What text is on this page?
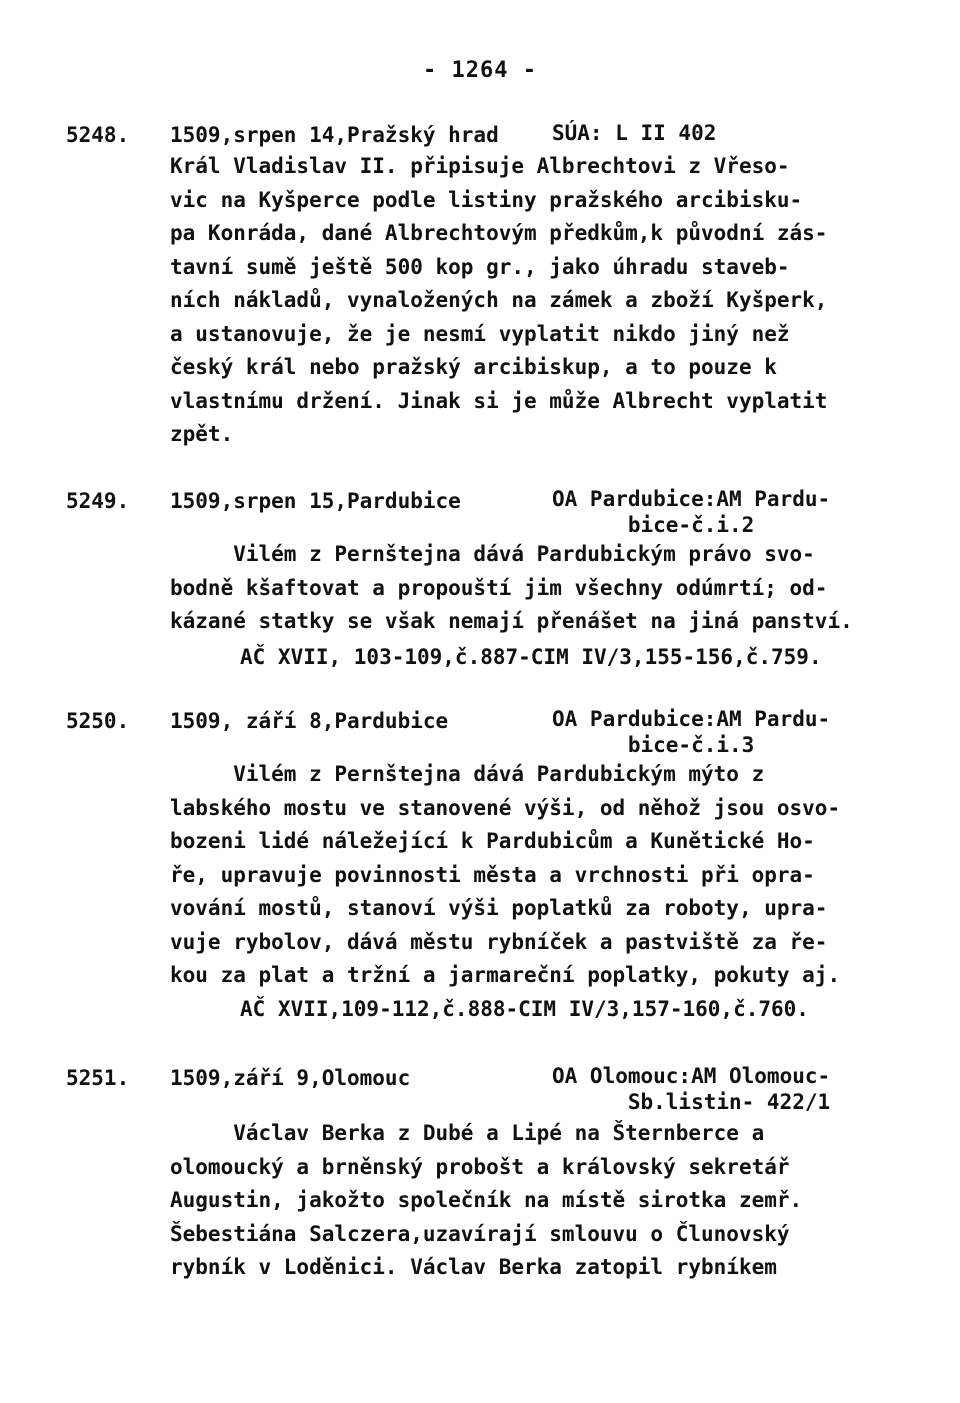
- 1264 -
5248. 1509,srpen 14,Pražský hrad	SÚA: L II 402

Král Vladislav II. připisuje Albrechtovi z Vřeso-
vic na Kyšperce podle listiny pražského arcibisku-
pa Konráda, dané Albrechtovým předkům,k původní zás-
tavní sumě ještě 500 kop gr., jako úhradu staveb-
ních nákladů, vynaložených na zámek a zboží Kyšperk,
a ustanovuje, že je nesmí vyplatit nikdo jiný než
český král nebo pražský arcibiskup, a to pouze k
vlastnímu držení. Jinak si je může Albrecht vyplatit
zpět.

5249. 1509,srpen 15,Pardubice	OA Pardubice:AM Pardu-
bice-č.i.2

Vilém z Pernštejna dává Pardubickým právo svo-
bodně kšaftovat a propouští jim všechny odúmrtí; od-
kázané statky se však nemají přenášet na jiná panství.

AČ XVII, 103-109,č.887-CIM IV/3,155-156,č.759.
5250. 1509, září 8,Pardubice	OA Pardubice:AM Pardu-
bice-č.i.3

Vilém z Pernštejna dává Pardubickým mýto z
labského mostu ve stanovené výši, od něhož jsou osvo-
bozeni lidé náležející k Pardubicům a Kunětické Ho-
ře, upravuje povinnosti města a vrchnosti při opra-
vování mostů, stanoví výši poplatků za roboty, upra-
vuje rybolov, dává městu rybníček a pastviště za ře-
kou za plat a tržní a jarmareční poplatky, pokuty aj.

AČ XVII,109-112,č.888-CIM IV/3,157-160,č.760.
5251. 1509,září 9,Olomouc	OA Olomouc:AM Olomouc-
Sb.listin- 422/1

Václav Berka z Dubé a Lipé na Šternberce a
olomoucký a brněnský probošt a královský sekretář
Augustin, jakožto společník na místě sirotka zemř.
Šebestiána Salczera,uzavírají smlouvu o Člunovský
rybník v Loděnici. Václav Berka zatopil rybníkem
